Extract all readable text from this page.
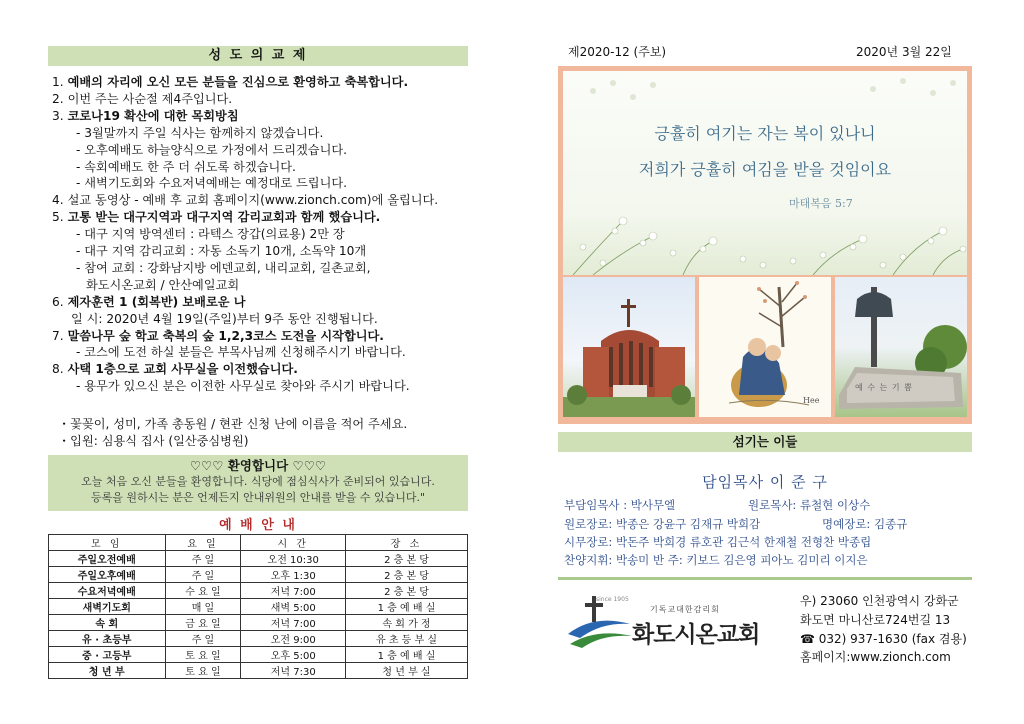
성 도 의 교 제
1. 예배의 자리에 오신 모든 분들을 진심으로 환영하고 축복합니다.
2. 이번 주는 사순절 제4주입니다.
3. 코로나19 확산에 대한 목회방침
- 3월말까지 주일 식사는 함께하지 않겠습니다.
- 오후예배도 하늘양식으로 가정에서 드리겠습니다.
- 속회예배도 한 주 더 쉬도록 하겠습니다.
- 새벽기도회와 수요저녁예배는 예정대로 드립니다.
4. 설교 동영상 - 예배 후 교회 홈페이지(www.zionch.com)에 올립니다.
5. 고통 받는 대구지역과 대구지역 감리교회과 함께 했습니다.
- 대구 지역 방역센터 : 라텍스 장갑(의료용) 2만 장
- 대구 지역 감리교회 : 자동 소독기 10개, 소독약 10개
- 참여 교회 : 강화남지방 에덴교회, 내리교회, 길촌교회,
화도시온교회 / 안산예일교회
6. 제자훈련 1 (회복반) 보배로운 나
일 시: 2020년 4월 19일(주일)부터 9주 동안 진행됩니다.
7. 말씀나무 숲 학교 축복의 숲 1,2,3코스 도전을 시작합니다.
- 코스에 도전 하실 분들은 부목사님께 신청해주시기 바랍니다.
8. 사택 1층으로 교회 사무실을 이전했습니다.
- 용무가 있으신 분은 이전한 사무실로 찾아와 주시기 바랍니다.
・꽃꽂이, 성미, 가족 총동원 / 현관 신청 난에 이름을 적어 주세요.
・입원: 심용식 집사 (일산중심병원)
♡♡♡ 환영합니다 ♡♡♡
오늘 처음 오신 분들을 환영합니다. 식당에 점심식사가 준비되어 있습니다.
등록을 원하시는 분은 언제든지 안내위원의 안내를 받을 수 있습니다."
예 배 안 내
모 임	요 일	시 간	장 소
주일오전예배	주 일	오전 10:30	2 층 본 당
주일오후예배	주 일	오후 1:30	2 층 본 당
수요저녁예배	수 요 일	저녁 7:00	2 층 본 당
새벽기도회	매 일	새벽 5:00	1 층 예 배 실
속 회	금 요 일	저녁 7:00	속 회 가 정
유 · 초등부	주 일	오전 9:00	유 초 등 부 실
중 · 고등부	토 요 일	오후 5:00	1 층 예 배 실
청 년 부	토 요 일	저녁 7:30	청 년 부 실
제2020-12 (주보)	2020년 3월 22일
긍휼히 여기는 자는 복이 있나니
저희가 긍휼히 여김을 받을 것임이요
마태복음 5:7
Hee
예 수 는 기 쁨
섬기는 이들
담임목사 이 준 구
부담임목사 : 박사무엘	원로목사: 류철현 이상수
원로장로: 박종은 강윤구 김재규 박희감	명예장로: 김종규
시무장로: 박돈주 박희경 류호관 김근석 한재철 전형찬 박종립
찬양지휘: 박송미 반 주: 키보드 김은영 피아노 김미리 이지은
since 1905
기독교대한감리회
화도시온교회
우) 23060 인천광역시 강화군
화도면 마니산로724번길 13
☎ 032) 937-1630 (fax 겸용)
홈페이지:www.zionch.com
